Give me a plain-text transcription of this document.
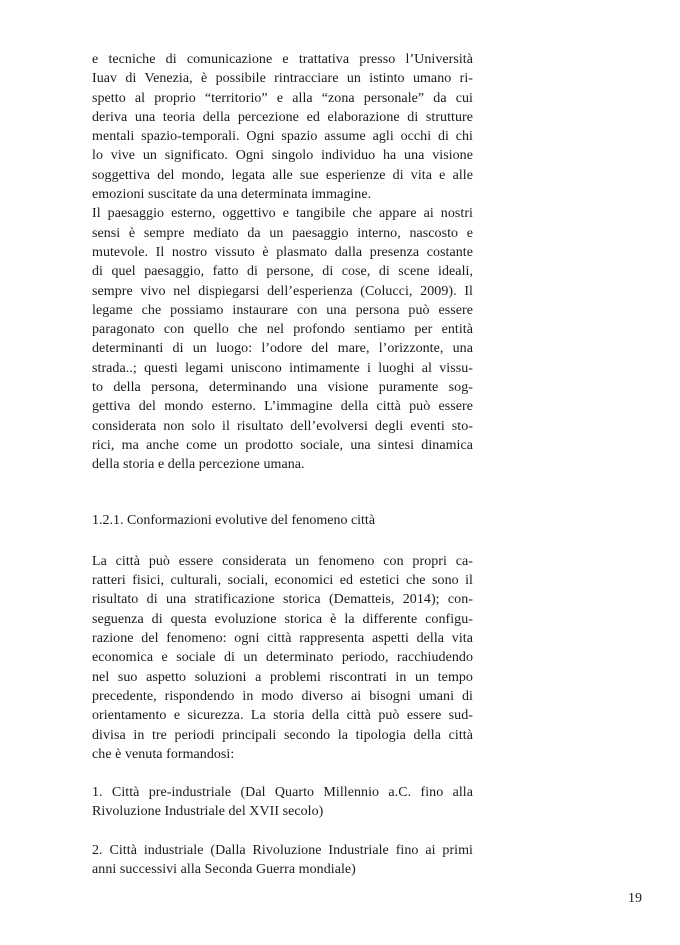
e tecniche di comunicazione e trattativa presso l’Università
Iuav di Venezia, è possibile rintracciare un istinto umano ri-
spetto al proprio “territorio” e alla “zona personale” da cui
deriva una teoria della percezione ed elaborazione di strutture
mentali spazio-temporali. Ogni spazio assume agli occhi di chi
lo vive un significato. Ogni singolo individuo ha una visione
soggettiva del mondo, legata alle sue esperienze di vita e alle
emozioni suscitate da una determinata immagine.
Il paesaggio esterno, oggettivo e tangibile che appare ai nostri
sensi è sempre mediato da un paesaggio interno, nascosto e
mutevole. Il nostro vissuto è plasmato dalla presenza costante
di quel paesaggio, fatto di persone, di cose, di scene ideali,
sempre vivo nel dispiegarsi dell’esperienza (Colucci, 2009). Il
legame che possiamo instaurare con una persona può essere
paragonato con quello che nel profondo sentiamo per entità
determinanti di un luogo: l’odore del mare, l’orizzonte, una
strada..; questi legami uniscono intimamente i luoghi al vissu-
to della persona, determinando una visione puramente sog-
gettiva del mondo esterno. L’immagine della città può essere
considerata non solo il risultato dell’evolversi degli eventi sto-
rici, ma anche come un prodotto sociale, una sintesi dinamica
della storia e della percezione umana.
1.2.1. Conformazioni evolutive del fenomeno città
La città può essere considerata un fenomeno con propri ca-
ratteri fisici, culturali, sociali, economici ed estetici che sono il
risultato di una stratificazione storica (Dematteis, 2014); con-
seguenza di questa evoluzione storica è la differente configu-
razione del fenomeno: ogni città rappresenta aspetti della vita
economica e sociale di un determinato periodo, racchiudendo
nel suo aspetto soluzioni a problemi riscontrati in un tempo
precedente, rispondendo in modo diverso ai bisogni umani di
orientamento e sicurezza. La storia della città può essere sud-
divisa in tre periodi principali secondo la tipologia della città
che è venuta formandosi:
1. Città pre-industriale (Dal Quarto Millennio a.C. fino alla
Rivoluzione Industriale del XVII secolo)
2. Città industriale (Dalla Rivoluzione Industriale fino ai primi
anni successivi alla Seconda Guerra mondiale)
19
